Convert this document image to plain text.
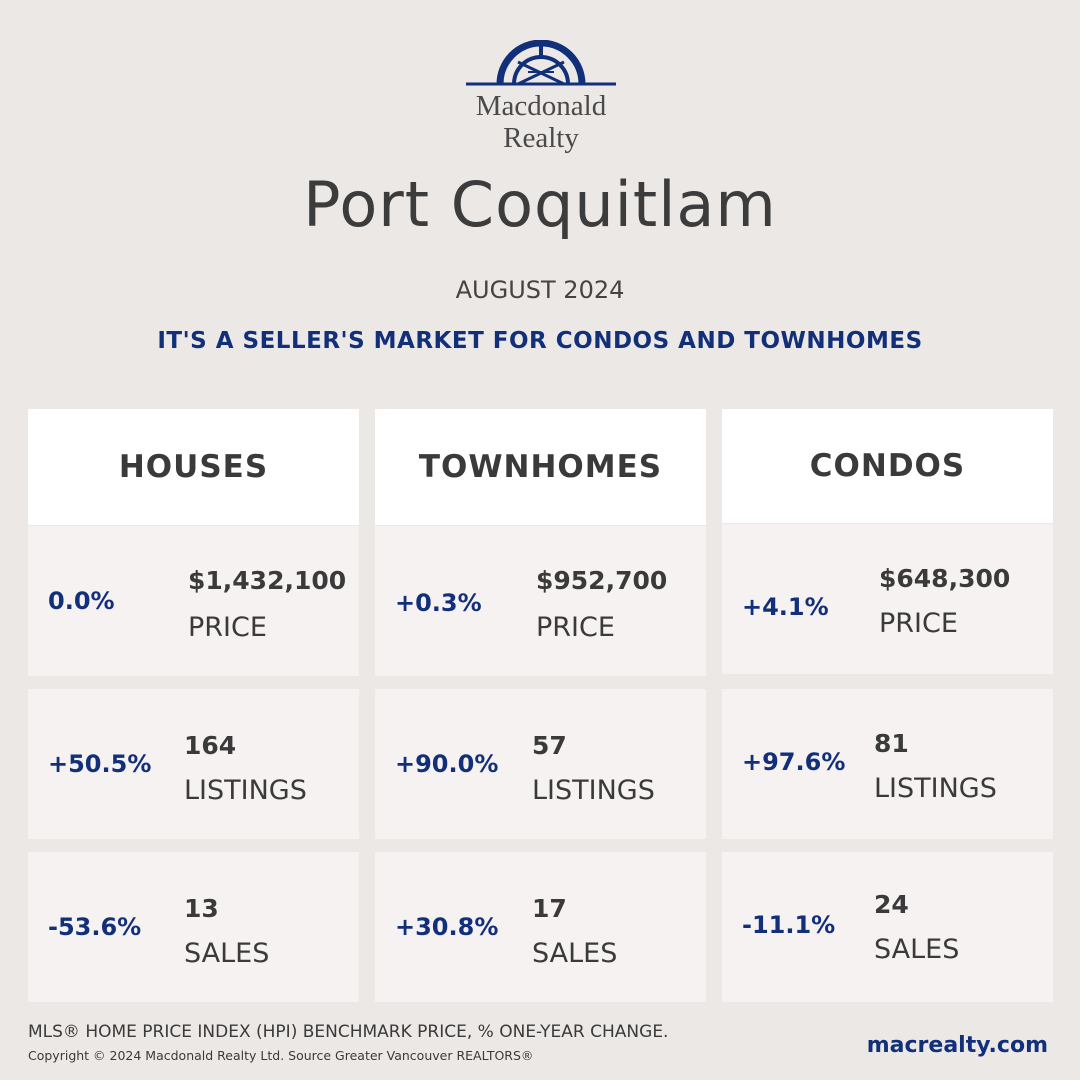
Macdonald
Realty
Port Coquitlam
AUGUST 2024
IT'S A SELLER'S MARKET FOR CONDOS AND TOWNHOMES
HOUSES
0.0%
$1,432,100
PRICE
+50.5%
164
LISTINGS
-53.6%
13
SALES
TOWNHOMES
+0.3%
$952,700
PRICE
+90.0%
57
LISTINGS
+30.8%
17
SALES
CONDOS
+4.1%
$648,300
PRICE
+97.6%
81
LISTINGS
-11.1%
24
SALES
MLS® HOME PRICE INDEX (HPI) BENCHMARK PRICE, % ONE-YEAR CHANGE.
Copyright © 2024 Macdonald Realty Ltd. Source Greater Vancouver REALTORS®	macrealty.com
